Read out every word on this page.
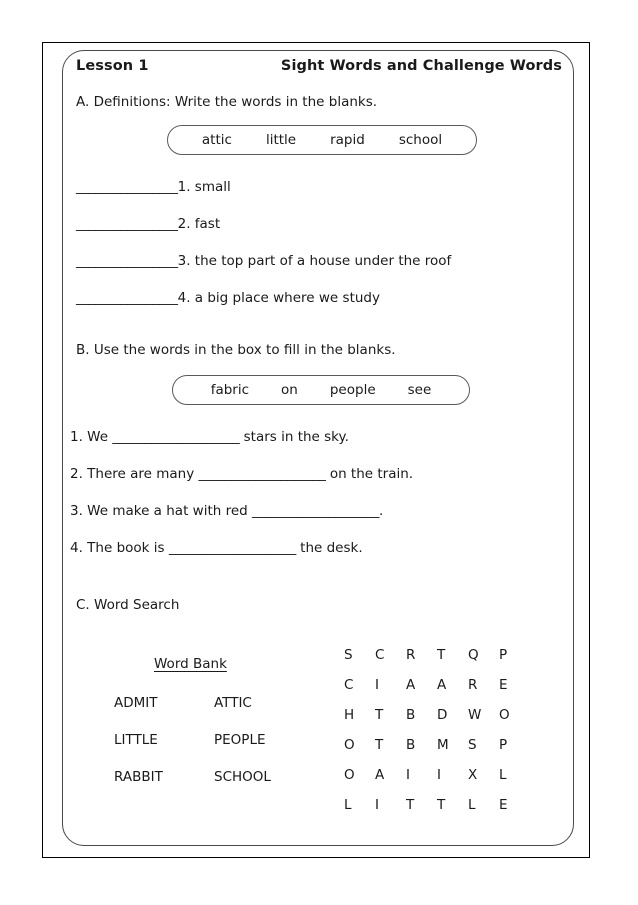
Lesson 1	Sight Words and Challenge Words
A. Definitions: Write the words in the blanks.
attic	little	rapid	school
________________1. small
________________2. fast
________________3. the top part of a house under the roof
________________4. a big place where we study
B. Use the words in the box to fill in the blanks.
fabric on people see
1. We ____________________ stars in the sky.
2. There are many ____________________ on the train.
3. We make a hat with red ____________________.
4. The book is ____________________ the desk.
C. Word Search
Word Bank
ADMIT	ATTIC
LITTLE	PEOPLE
RABBIT	SCHOOL
S	C	R	T	Q	P
C	I	A	A	R	E
H	T	B	D	W	O
O	T	B	M	S	P
O	A	I	I	X	L
L	I	T	T	L	E
